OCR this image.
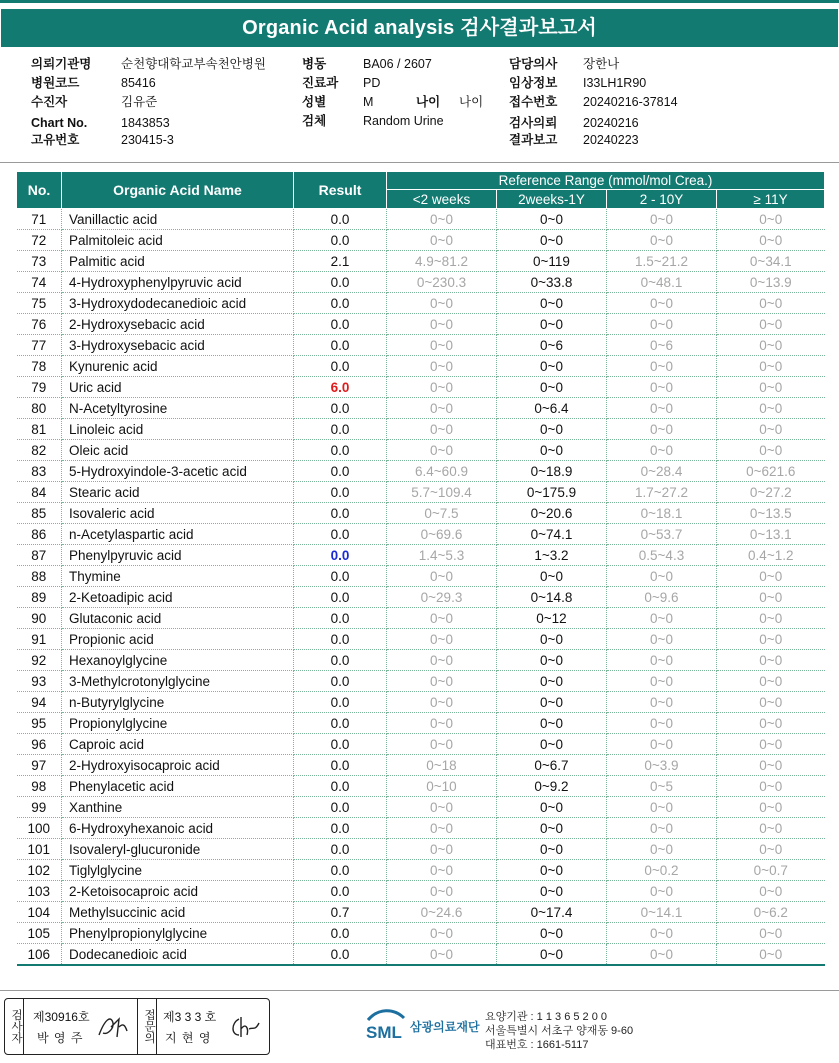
Organic Acid analysis 검사결과보고서
의뢰기관명 순천향대학교부속천안병원
병원코드	85416
수진자	김유준
Chart No.	1843853
고유번호	230415-3
병동	BA06 / 2607
진료과 PD
성별	M
검체	Random Urine
나이 나이
담당의사 장한나
임상정보 I33LH1R90
접수번호 20240216-37814
검사의뢰 20240216
결과보고 20240223
No.	Organic Acid Name	Result	Reference Range (mmol/mol Crea.)			
			<2 weeks	2weeks-1Y	2 - 10Y	≥ 11Y
71	Vanillactic acid	0.0	0~0	0~0	0~0	0~0
72	Palmitoleic acid	0.0	0~0	0~0	0~0	0~0
73	Palmitic acid	2.1	4.9~81.2	0~119	1.5~21.2	0~34.1
74	4-Hydroxyphenylpyruvic acid	0.0	0~230.3	0~33.8	0~48.1	0~13.9
75	3-Hydroxydodecanedioic acid	0.0	0~0	0~0	0~0	0~0
76	2-Hydroxysebacic acid	0.0	0~0	0~0	0~0	0~0
77	3-Hydroxysebacic acid	0.0	0~0	0~6	0~6	0~0
78	Kynurenic acid	0.0	0~0	0~0	0~0	0~0
79	Uric acid	6.0	0~0	0~0	0~0	0~0
80	N-Acetyltyrosine	0.0	0~0	0~6.4	0~0	0~0
81	Linoleic acid	0.0	0~0	0~0	0~0	0~0
82	Oleic acid	0.0	0~0	0~0	0~0	0~0
83	5-Hydroxyindole-3-acetic acid	0.0	6.4~60.9	0~18.9	0~28.4	0~621.6
84	Stearic acid	0.0	5.7~109.4	0~175.9	1.7~27.2	0~27.2
85	Isovaleric acid	0.0	0~7.5	0~20.6	0~18.1	0~13.5
86	n-Acetylaspartic acid	0.0	0~69.6	0~74.1	0~53.7	0~13.1
87	Phenylpyruvic acid	0.0	1.4~5.3	1~3.2	0.5~4.3	0.4~1.2
88	Thymine	0.0	0~0	0~0	0~0	0~0
89	2-Ketoadipic acid	0.0	0~29.3	0~14.8	0~9.6	0~0
90	Glutaconic acid	0.0	0~0	0~12	0~0	0~0
91	Propionic acid	0.0	0~0	0~0	0~0	0~0
92	Hexanoylglycine	0.0	0~0	0~0	0~0	0~0
93	3-Methylcrotonylglycine	0.0	0~0	0~0	0~0	0~0
94	n-Butyrylglycine	0.0	0~0	0~0	0~0	0~0
95	Propionylglycine	0.0	0~0	0~0	0~0	0~0
96	Caproic acid	0.0	0~0	0~0	0~0	0~0
97	2-Hydroxyisocaproic acid	0.0	0~18	0~6.7	0~3.9	0~0
98	Phenylacetic acid	0.0	0~10	0~9.2	0~5	0~0
99	Xanthine	0.0	0~0	0~0	0~0	0~0
100	6-Hydroxyhexanoic acid	0.0	0~0	0~0	0~0	0~0
101	Isovaleryl-glucuronide	0.0	0~0	0~0	0~0	0~0
102	Tiglylglycine	0.0	0~0	0~0	0~0.2	0~0.7
103	2-Ketoisocaproic acid	0.0	0~0	0~0	0~0	0~0
104	Methylsuccinic acid	0.7	0~24.6	0~17.4	0~14.1	0~6.2
105	Phenylpropionylglycine	0.0	0~0	0~0	0~0	0~0
106	Dodecanedioic acid	0.0	0~0	0~0	0~0	0~0
검사자 제30916호
박 영 주	접문의 제3 3 3 호
지 현 영	SML 삼광의료재단
요양기관 : 1 1 3 6 5 2 0 0
서울특별시 서초구 양재동 9-60
대표번호 : 1661-5117
